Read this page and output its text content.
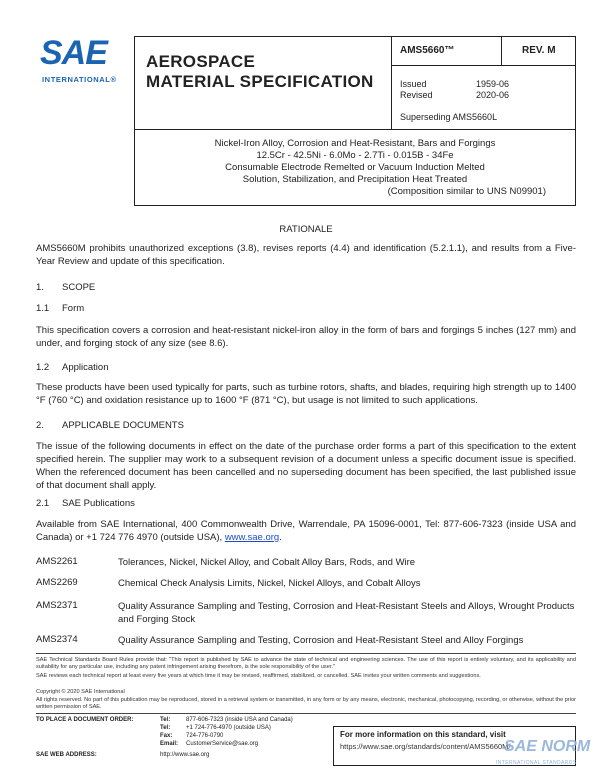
SAE
INTERNATIONAL®
AEROSPACE
MATERIAL SPECIFICATION
AMS5660™	REV. M
Issued	1959-06
Revised	2020-06
Superseding AMS5660L
Nickel-Iron Alloy, Corrosion and Heat-Resistant, Bars and Forgings
12.5Cr - 42.5Ni - 6.0Mo - 2.7Ti - 0.015B - 34Fe
Consumable Electrode Remelted or Vacuum Induction Melted
Solution, Stabilization, and Precipitation Heat Treated
(Composition similar to UNS N09901)
RATIONALE
AMS5660M prohibits unauthorized exceptions (3.8), revises reports (4.4) and identification (5.2.1.1), and results from a Five-Year Review and update of this specification.
1. SCOPE
1.1 Form
This specification covers a corrosion and heat-resistant nickel-iron alloy in the form of bars and forgings 5 inches (127 mm) and under, and forging stock of any size (see 8.6).
1.2 Application
These products have been used typically for parts, such as turbine rotors, shafts, and blades, requiring high strength up to 1400 °F (760 °C) and oxidation resistance up to 1600 °F (871 °C), but usage is not limited to such applications.
2. APPLICABLE DOCUMENTS
The issue of the following documents in effect on the date of the purchase order forms a part of this specification to the extent specified herein. The supplier may work to a subsequent revision of a document unless a specific document issue is specified. When the referenced document has been cancelled and no superseding document has been specified, the last published issue of that document shall apply.
2.1 SAE Publications
Available from SAE International, 400 Commonwealth Drive, Warrendale, PA 15096-0001, Tel: 877-606-7323 (inside USA and Canada) or +1 724 776 4970 (outside USA), www.sae.org.
AMS2261	Tolerances, Nickel, Nickel Alloy, and Cobalt Alloy Bars, Rods, and Wire
AMS2269	Chemical Check Analysis Limits, Nickel, Nickel Alloys, and Cobalt Alloys
AMS2371	Quality Assurance Sampling and Testing, Corrosion and Heat-Resistant Steels and Alloys, Wrought Products and Forging Stock
AMS2374	Quality Assurance Sampling and Testing, Corrosion and Heat-Resistant Steel and Alloy Forgings
SAE Technical Standards Board Rules provide that: "This report is published by SAE to advance the state of technical and engineering sciences. The use of this report is entirely voluntary, and its applicability and suitability for any particular use, including any patent infringement arising therefrom, is the sole responsibility of the user."
SAE reviews each technical report at least every five years at which time it may be revised, reaffirmed, stabilized, or cancelled. SAE invites your written comments and suggestions.
Copyright © 2020 SAE International
All rights reserved. No part of this publication may be reproduced, stored in a retrieval system or transmitted, in any form or by any means, electronic, mechanical, photocopying, recording, or otherwise, without the prior written permission of SAE.
TO PLACE A DOCUMENT ORDER:	Tel:	877-606-7323 (inside USA and Canada)
Tel:	+1 724-776-4970 (outside USA)
Fax: 724-776-0790
Email: CustomerService@sae.org
SAE WEB ADDRESS:	http://www.sae.org
For more information on this standard, visit
https://www.sae.org/standards/content/AMS5660M/
SAE NORM
INTERNATIONAL STANDARDS
